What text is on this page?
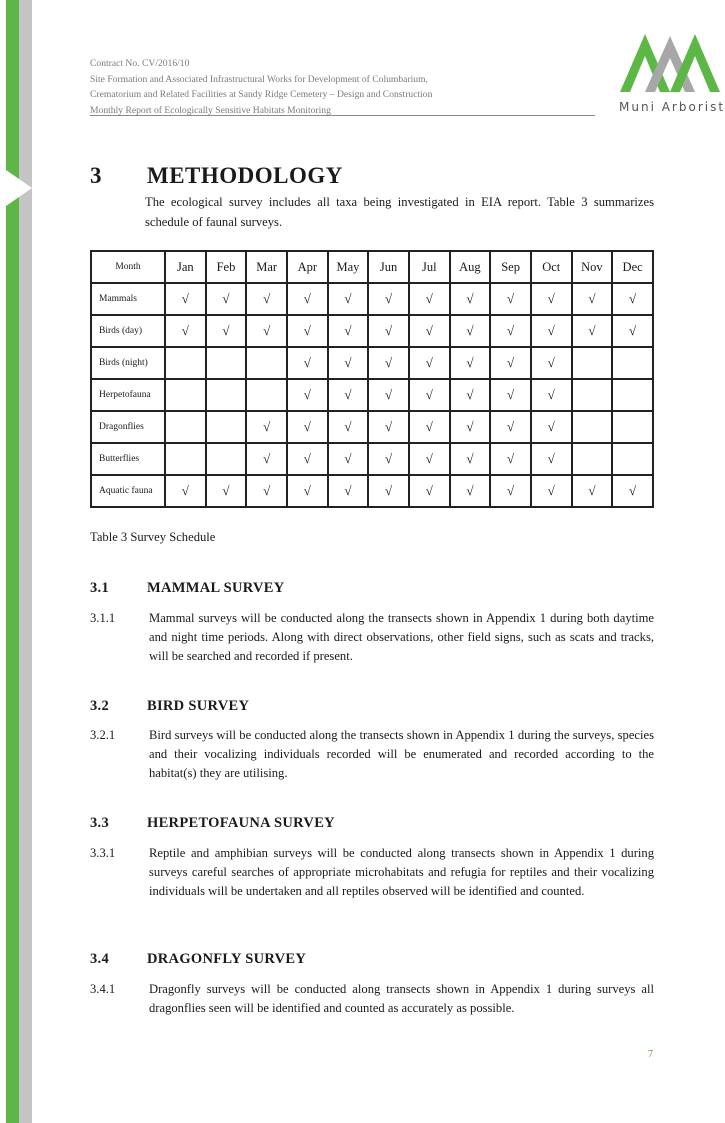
Contract No. CV/2016/10
Site Formation and Associated Infrastructural Works for Development of Columbarium,
Crematorium and Related Facilities at Sandy Ridge Cemetery – Design and Construction
Monthly Report of Ecologically Sensitive Habitats Monitoring	Muni Arborist
3 METHODOLOGY
The ecological survey includes all taxa being investigated in EIA report. Table 3 summarizes schedule of faunal surveys.
Month	Jan	Feb	Mar	Apr	May	Jun	Jul	Aug	Sep	Oct	Nov	Dec
Mammals	√	√	√	√	√	√	√	√	√	√	√	√
Birds (day)	√	√	√	√	√	√	√	√	√	√	√	√
Birds (night)				√	√	√	√	√	√	√		
Herpetofauna				√	√	√	√	√	√	√		
Dragonflies			√	√	√	√	√	√	√	√		
Butterflies			√	√	√	√	√	√	√	√		
Aquatic fauna	√	√	√	√	√	√	√	√	√	√	√	√
Table 3 Survey Schedule
3.1	MAMMAL SURVEY
3.1.1	Mammal surveys will be conducted along the transects shown in Appendix 1 during both daytime and night time periods. Along with direct observations, other field signs, such as scats and tracks, will be searched and recorded if present.
3.2	BIRD SURVEY
3.2.1	Bird surveys will be conducted along the transects shown in Appendix 1 during the surveys, species and their vocalizing individuals recorded will be enumerated and recorded according to the habitat(s) they are utilising.
3.3	HERPETOFAUNA SURVEY
3.3.1	Reptile and amphibian surveys will be conducted along transects shown in Appendix 1 during surveys careful searches of appropriate microhabitats and refugia for reptiles and their vocalizing individuals will be undertaken and all reptiles observed will be identified and counted.
3.4	DRAGONFLY SURVEY
3.4.1	Dragonfly surveys will be conducted along transects shown in Appendix 1 during surveys all dragonflies seen will be identified and counted as accurately as possible.
7
